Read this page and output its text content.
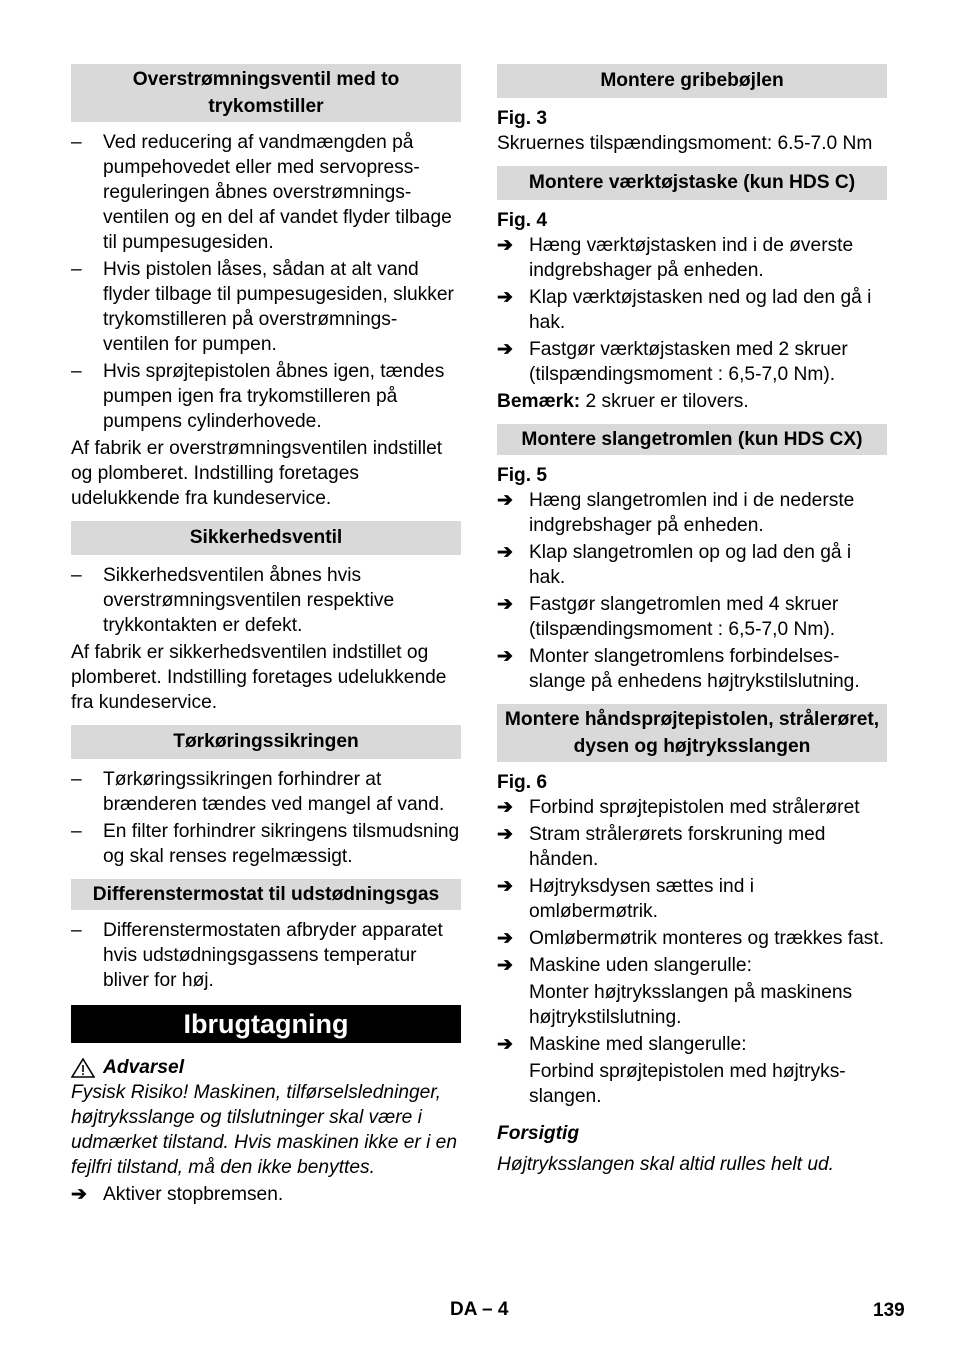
Overstrømningsventil med to trykomstiller
– Ved reducering af vandmængden på pumpehovedet eller med servopress-reguleringen åbnes overstrømnings-ventilen og en del af vandet flyder tilbage til pumpesugesiden.
– Hvis pistolen låses, sådan at alt vand flyder tilbage til pumpesugesiden, slukker trykomstilleren på overstrømnings-ventilen for pumpen.
– Hvis sprøjtepistolen åbnes igen, tændes pumpen igen fra trykomstilleren på pumpens cylinderhovede.

Af fabrik er overstrømningsventilen indstillet og plomberet. Indstilling foretages udelukkende fra kundeservice.

Sikkerhedsventil
– Sikkerhedsventilen åbnes hvis overstrømningsventilen respektive trykkontakten er defekt.

Af fabrik er sikkerhedsventilen indstillet og plomberet. Indstilling foretages udelukkende fra kundeservice.

Tørkøringssikringen
– Tørkøringssikringen forhindrer at brænderen tændes ved mangel af vand.
– En filter forhindrer sikringens tilsmudsning og skal renses regelmæssigt.
Differenstermostat til udstødningsgas
– Differenstermostaten afbryder apparatet hvis udstødningsgassens temperatur bliver for høj.
Ibrugtagning
Advarsel

Fysisk Risiko! Maskinen, tilførselsledninger, højtryksslange og tilslutninger skal være i udmærket tilstand. Hvis maskinen ikke er i en fejlfri tilstand, må den ikke benyttes.

➔ Aktiver stopbremsen.
Montere gribebøjlen
Fig. 3

Skruernes tilspændingsmoment: 6.5-7.0 Nm

Montere værktøjstaske (kun HDS C)
Fig. 4
➔ Hæng værktøjstasken ind i de øverste indgrebshager på enheden.
➔ Klap værktøjstasken ned og lad den gå i hak.
➔ Fastgør værktøjstasken med 2 skruer (tilspændingsmoment : 6,5-7,0 Nm).

Bemærk: 2 skruer er tilovers.

Montere slangetromlen (kun HDS CX)
Fig. 5
➔ Hæng slangetromlen ind i de nederste indgrebshager på enheden.
➔ Klap slangetromlen op og lad den gå i hak.
➔ Fastgør slangetromlen med 4 skruer (tilspændingsmoment : 6,5-7,0 Nm).
➔ Monter slangetromlens forbindelses-slange på enhedens højtrykstilslutning.
Montere håndsprøjtepistolen, strålerøret, dysen og højtryksslangen
Fig. 6
➔ Forbind sprøjtepistolen med strålerøret
➔ Stram strålerørets forskruning med hånden.
➔ Højtryksdysen sættes ind i omløbermøtrik.
➔ Omløbermøtrik monteres og trækkes fast.
➔ Maskine uden slangerulle:

Monter højtryksslangen på maskinens højtrykstilslutning.

➔ Maskine med slangerulle:

Forbind sprøjtepistolen med højtryks-slangen.

Forsigtig

Højtryksslangen skal altid rulles helt ud.

DA – 4	139
